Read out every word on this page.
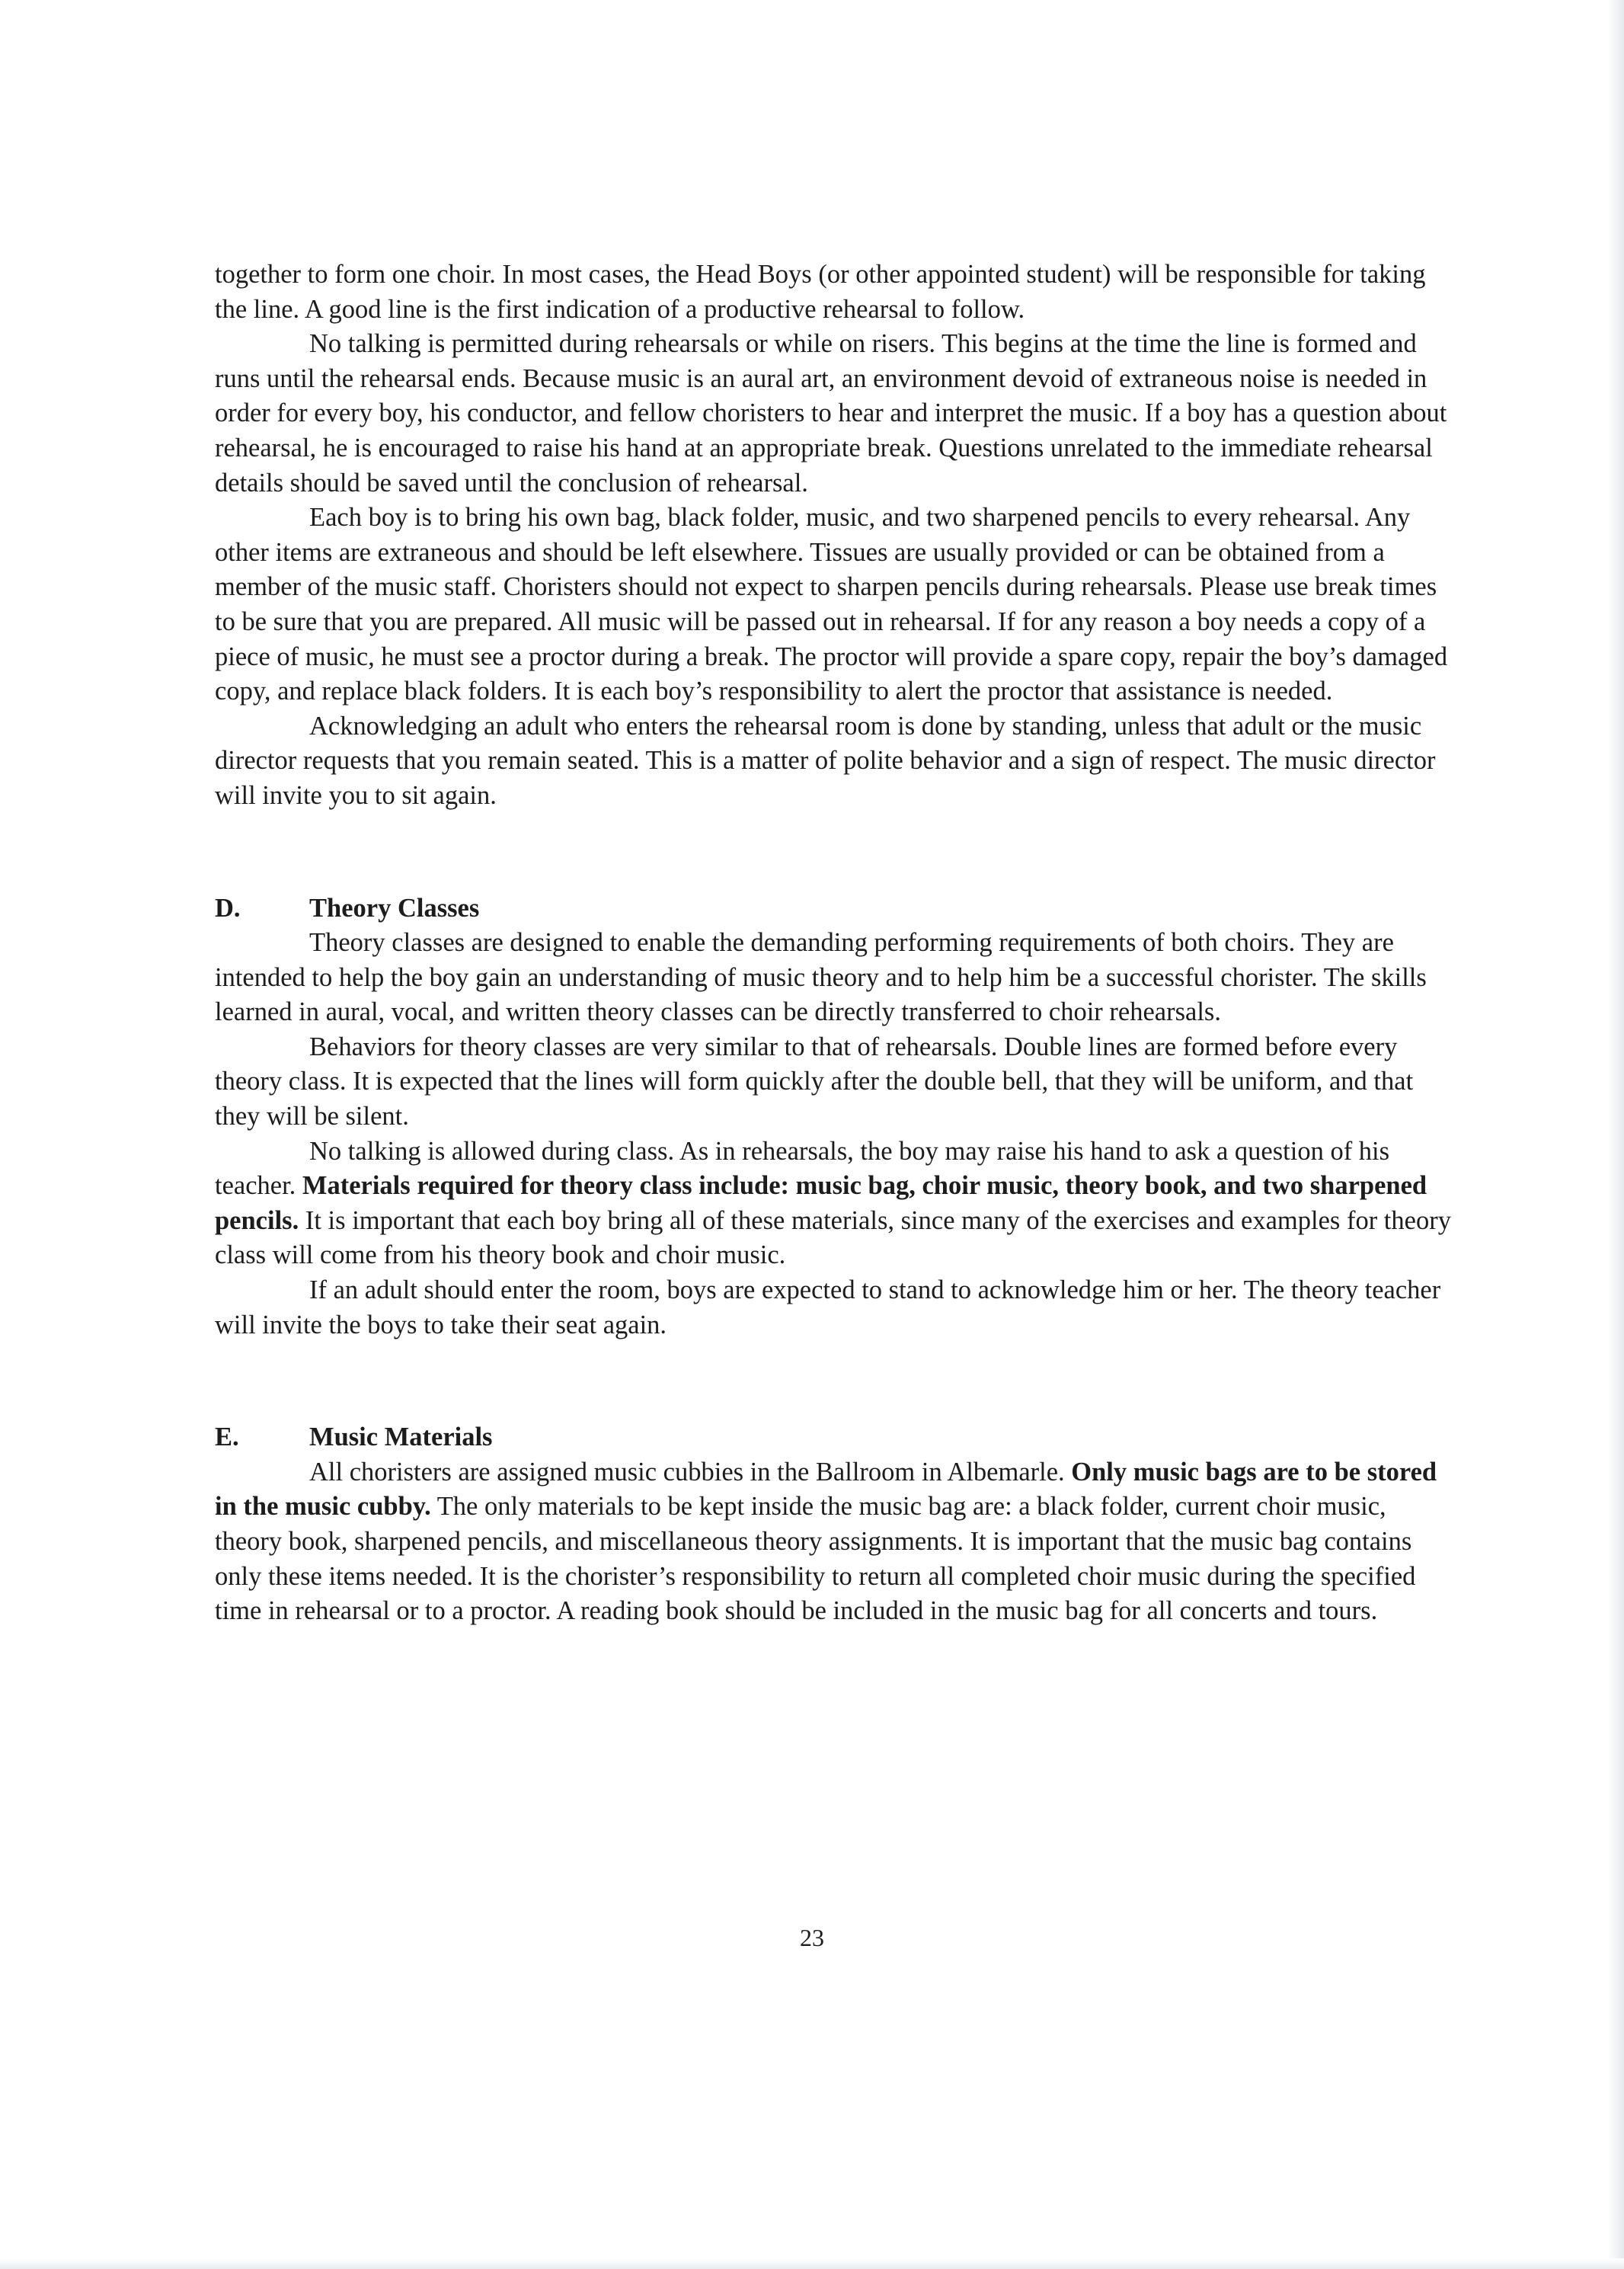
together to form one choir. In most cases, the Head Boys (or other appointed student) will be responsible for taking the line. A good line is the first indication of a productive rehearsal to follow.

No talking is permitted during rehearsals or while on risers. This begins at the time the line is formed and runs until the rehearsal ends. Because music is an aural art, an environment devoid of extraneous noise is needed in order for every boy, his conductor, and fellow choristers to hear and interpret the music. If a boy has a question about rehearsal, he is encouraged to raise his hand at an appropriate break. Questions unrelated to the immediate rehearsal details should be saved until the conclusion of rehearsal.

Each boy is to bring his own bag, black folder, music, and two sharpened pencils to every rehearsal. Any other items are extraneous and should be left elsewhere. Tissues are usually provided or can be obtained from a member of the music staff. Choristers should not expect to sharpen pencils during rehearsals. Please use break times to be sure that you are prepared. All music will be passed out in rehearsal. If for any reason a boy needs a copy of a piece of music, he must see a proctor during a break. The proctor will provide a spare copy, repair the boy’s damaged copy, and replace black folders. It is each boy’s responsibility to alert the proctor that assistance is needed.

Acknowledging an adult who enters the rehearsal room is done by standing, unless that adult or the music director requests that you remain seated. This is a matter of polite behavior and a sign of respect. The music director will invite you to sit again.

D.	Theory Classes

Theory classes are designed to enable the demanding performing requirements of both choirs. They are intended to help the boy gain an understanding of music theory and to help him be a successful chorister. The skills learned in aural, vocal, and written theory classes can be directly transferred to choir rehearsals.

Behaviors for theory classes are very similar to that of rehearsals. Double lines are formed before every theory class. It is expected that the lines will form quickly after the double bell, that they will be uniform, and that they will be silent.

No talking is allowed during class. As in rehearsals, the boy may raise his hand to ask a question of his teacher. Materials required for theory class include: music bag, choir music, theory book, and two sharpened pencils. It is important that each boy bring all of these materials, since many of the exercises and examples for theory class will come from his theory book and choir music.

If an adult should enter the room, boys are expected to stand to acknowledge him or her. The theory teacher will invite the boys to take their seat again.

E.	Music Materials

All choristers are assigned music cubbies in the Ballroom in Albemarle. Only music bags are to be stored in the music cubby. The only materials to be kept inside the music bag are: a black folder, current choir music, theory book, sharpened pencils, and miscellaneous theory assignments. It is important that the music bag contains only these items needed. It is the chorister’s responsibility to return all completed choir music during the specified time in rehearsal or to a proctor. A reading book should be included in the music bag for all concerts and tours.

23
